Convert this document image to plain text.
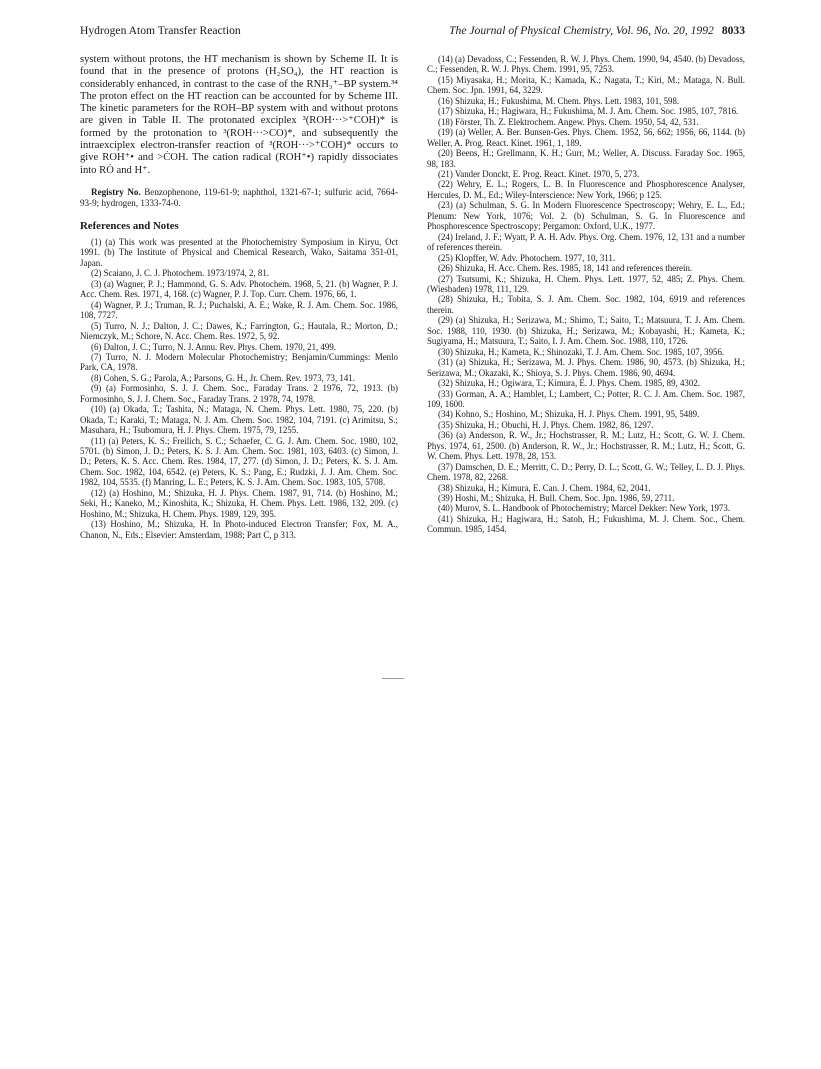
Hydrogen Atom Transfer Reaction	The Journal of Physical Chemistry, Vol. 96, No. 20, 1992 8033

system without protons, the HT mechanism is shown by Scheme II. It is found that in the presence of protons (H₂SO₄), the HT reaction is considerably enhanced, in contrast to the case of the RNH₃⁺–BP system.³⁴ The proton effect on the HT reaction can be accounted for by Scheme III. The kinetic parameters for the ROH–BP system with and without protons are given in Table II. The protonated exciplex ³(ROH···>⁺COH)* is formed by the protonation to ³(ROH···>CO)*, and subsequently the intraexciplex electron-transfer reaction of ³(ROH···>⁺COH)* occurs to give ROH⁺• and >ĊOH. The cation radical (ROH⁺•) rapidly dissociates into RȮ and H⁺.

Registry No. Benzophenone, 119-61-9; naphthol, 1321-67-1; sulfuric acid, 7664-93-9; hydrogen, 1333-74-0.

References and Notes

(1) (a) This work was presented at the Photochemistry Symposium in Kiryu, Oct 1991. (b) The Institute of Physical and Chemical Research, Wako, Saitama 351-01, Japan.

(2) Scaiano, J. C. J. Photochem. 1973/1974, 2, 81.

(3) (a) Wagner, P. J.; Hammond, G. S. Adv. Photochem. 1968, 5, 21. (b) Wagner, P. J. Acc. Chem. Res. 1971, 4, 168. (c) Wagner, P. J. Top. Curr. Chem. 1976, 66, 1.

(4) Wagner, P. J.; Truman, R. J.; Puchalski, A. E.; Wake, R. J. Am. Chem. Soc. 1986, 108, 7727.

(5) Turro, N. J.; Dalton, J. C.; Dawes, K.; Farrington, G.; Hautala, R.; Morton, D.; Niemczyk, M.; Schore, N. Acc. Chem. Res. 1972, 5, 92.

(6) Dalton, J. C.; Turro, N. J. Annu. Rev. Phys. Chem. 1970, 21, 499.

(7) Turro, N. J. Modern Molecular Photochemistry; Benjamin/Cummings: Menlo Park, CA, 1978.

(8) Cohen, S. G.; Parola, A.; Parsons, G. H., Jr. Chem. Rev. 1973, 73, 141.

(9) (a) Formosinho, S. J. J. Chem. Soc., Faraday Trans. 2 1976, 72, 1913. (b) Formosinho, S. J. J. Chem. Soc., Faraday Trans. 2 1978, 74, 1978.

(10) (a) Okada, T.; Tashita, N.; Mataga, N. Chem. Phys. Lett. 1980, 75, 220. (b) Okada, T.; Karaki, T.; Mataga, N. J. Am. Chem. Soc. 1982, 104, 7191. (c) Arimitsu, S.; Masuhara, H.; Tsubomura, H. J. Phys. Chem. 1975, 79, 1255.

(11) (a) Peters, K. S.; Freilich, S. C.; Schaefer, C. G. J. Am. Chem. Soc. 1980, 102, 5701. (b) Simon, J. D.; Peters, K. S. J. Am. Chem. Soc. 1981, 103, 6403. (c) Simon, J. D.; Peters, K. S. Acc. Chem. Res. 1984, 17, 277. (d) Simon, J. D.; Peters, K. S. J. Am. Chem. Soc. 1982, 104, 6542. (e) Peters, K. S.; Pang, E.; Rudzki, J. J. Am. Chem. Soc. 1982, 104, 5535. (f) Manring, L. E.; Peters, K. S. J. Am. Chem. Soc. 1983, 105, 5708.

(12) (a) Hoshino, M.; Shizuka, H. J. Phys. Chem. 1987, 91, 714. (b) Hoshino, M.; Seki, H.; Kaneko, M.; Kinoshita, K.; Shizuka, H. Chem. Phys. Lett. 1986, 132, 209. (c) Hoshino, M.; Shizuka, H. Chem. Phys. 1989, 129, 395.

(13) Hoshino, M.; Shizuka, H. In Photo-induced Electron Transfer; Fox, M. A., Chanon, N., Eds.; Elsevier: Amsterdam, 1988; Part C, p 313.

(14) (a) Devadoss, C.; Fessenden, R. W. J. Phys. Chem. 1990, 94, 4540. (b) Devadoss, C.; Fessenden, R. W. J. Phys. Chem. 1991, 95, 7253.

(15) Miyasaka, H.; Morita, K.; Kamada, K.; Nagata, T.; Kiri, M.; Mataga, N. Bull. Chem. Soc. Jpn. 1991, 64, 3229.

(16) Shizuka, H.; Fukushima, M. Chem. Phys. Lett. 1983, 101, 598.

(17) Shizuka, H.; Hagiwara, H.; Fukushima, M. J. Am. Chem. Soc. 1985, 107, 7816.

(18) Förster, Th. Z. Elektrochem. Angew. Phys. Chem. 1950, 54, 42, 531.

(19) (a) Weller, A. Ber. Bunsen-Ges. Phys. Chem. 1952, 56, 662; 1956, 66, 1144. (b) Weller, A. Prog. React. Kinet. 1961, 1, 189.

(20) Beens, H.; Grellmann, K. H.; Gurr, M.; Weller, A. Discuss. Faraday Soc. 1965, 98, 183.

(21) Vander Donckt, E. Prog. React. Kinet. 1970, 5, 273.

(22) Wehry, E. L.; Rogers, L. B. In Fluorescence and Phosphorescence Analyser, Hercules, D. M., Ed.; Wiley-Interscience: New York, 1966; p 125.

(23) (a) Schulman, S. G. In Modern Fluorescence Spectroscopy; Wehry, E. L., Ed.; Plenum: New York, 1076; Vol. 2. (b) Schulman, S. G. In Fluorescence and Phosphorescence Spectroscopy; Pergamon: Oxford, U.K., 1977.

(24) Ireland, J. F.; Wyatt, P. A. H. Adv. Phys. Org. Chem. 1976, 12, 131 and a number of references therein.

(25) Klopffer, W. Adv. Photochem. 1977, 10, 311.

(26) Shizuka, H. Acc. Chem. Res. 1985, 18, 141 and references therein.

(27) Tsutsumi, K.; Shizuka, H. Chem. Phys. Lett. 1977, 52, 485; Z. Phys. Chem. (Wiesbaden) 1978, 111, 129.

(28) Shizuka, H.; Tobita, S. J. Am. Chem. Soc. 1982, 104, 6919 and references therein.

(29) (a) Shizuka, H.; Serizawa, M.; Shimo, T.; Saito, T.; Matsuura, T. J. Am. Chem. Soc. 1988, 110, 1930. (b) Shizuka, H.; Serizawa, M.; Kobayashi, H.; Kameta, K.; Sugiyama, H.; Matsuura, T.; Saito, I. J. Am. Chem. Soc. 1988, 110, 1726.

(30) Shizuka, H.; Kameta, K.; Shinozaki, T. J. Am. Chem. Soc. 1985, 107, 3956.

(31) (a) Shizuka, H.; Serizawa, M. J. Phys. Chem. 1986, 90, 4573. (b) Shizuka, H.; Serizawa, M.; Okazaki, K.; Shioya, S. J. Phys. Chem. 1986, 90, 4694.

(32) Shizuka, H.; Ogiwara, T.; Kimura, E. J. Phys. Chem. 1985, 89, 4302.

(33) Gorman, A. A.; Hamblet, I.; Lambert, C.; Potter, R. C. J. Am. Chem. Soc. 1987, 109, 1600.

(34) Kohno, S.; Hoshino, M.; Shizuka, H. J. Phys. Chem. 1991, 95, 5489.

(35) Shizuka, H.; Obuchi, H. J. Phys. Chem. 1982, 86, 1297.

(36) (a) Anderson, R. W., Jr.; Hochstrasser, R. M.; Lutz, H.; Scott, G. W. J. Chem. Phys. 1974, 61, 2500. (b) Anderson, R. W., Jr.; Hochstrasser, R. M.; Lutz, H.; Scott, G. W. Chem. Phys. Lett. 1978, 28, 153.

(37) Damschen, D. E.; Merritt, C. D.; Perry, D. L.; Scott, G. W.; Telley, L. D. J. Phys. Chem. 1978, 82, 2268.

(38) Shizuka, H.; Kimura, E. Can. J. Chem. 1984, 62, 2041.

(39) Hoshi, M.; Shizuka, H. Bull. Chem. Soc. Jpn. 1986, 59, 2711.

(40) Murov, S. L. Handbook of Photochemistry; Marcel Dekker: New York, 1973.

(41) Shizuka, H.; Hagiwara, H.; Satoh, H.; Fukushima, M. J. Chem. Soc., Chem. Commun. 1985, 1454.
